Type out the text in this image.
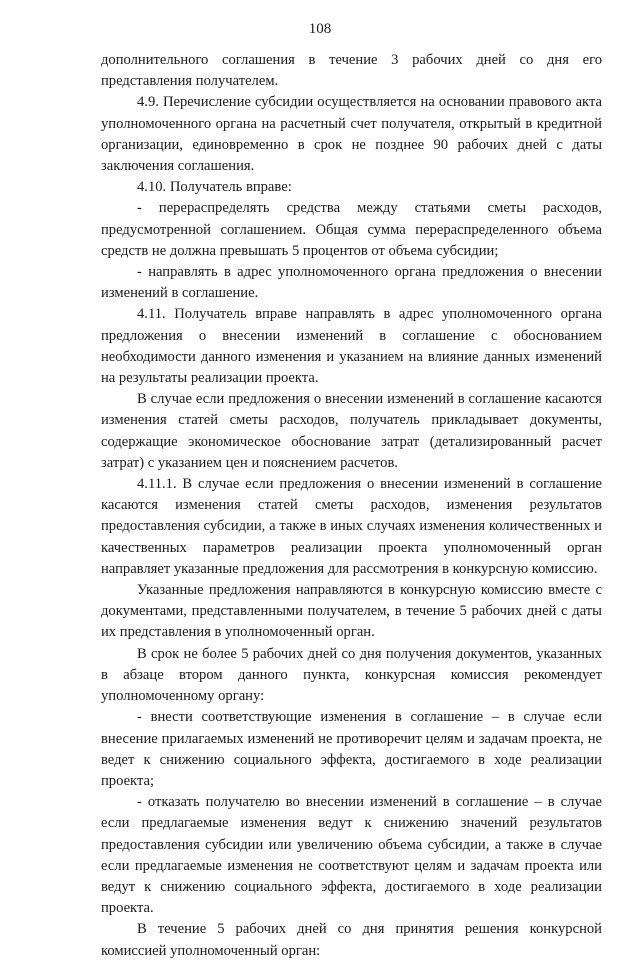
108

дополнительного соглашения в течение 3 рабочих дней со дня его представления получателем.

4.9. Перечисление субсидии осуществляется на основании правового акта уполномоченного органа на расчетный счет получателя, открытый в кредитной организации, единовременно в срок не позднее 90 рабочих дней с даты заключения соглашения.

4.10. Получатель вправе:

- перераспределять средства между статьями сметы расходов, предусмотренной соглашением. Общая сумма перераспределенного объема средств не должна превышать 5 процентов от объема субсидии;

- направлять в адрес уполномоченного органа предложения о внесении изменений в соглашение.

4.11. Получатель вправе направлять в адрес уполномоченного органа предложения о внесении изменений в соглашение с обоснованием необходимости данного изменения и указанием на влияние данных изменений на результаты реализации проекта.

В случае если предложения о внесении изменений в соглашение касаются изменения статей сметы расходов, получатель прикладывает документы, содержащие экономическое обоснование затрат (детализированный расчет затрат) с указанием цен и пояснением расчетов.

4.11.1. В случае если предложения о внесении изменений в соглашение касаются изменения статей сметы расходов, изменения результатов предоставления субсидии, а также в иных случаях изменения количественных и качественных параметров реализации проекта уполномоченный орган направляет указанные предложения для рассмотрения в конкурсную комиссию.

Указанные предложения направляются в конкурсную комиссию вместе с документами, представленными получателем, в течение 5 рабочих дней с даты их представления в уполномоченный орган.

В срок не более 5 рабочих дней со дня получения документов, указанных в абзаце втором данного пункта, конкурсная комиссия рекомендует уполномоченному органу:

- внести соответствующие изменения в соглашение – в случае если внесение прилагаемых изменений не противоречит целям и задачам проекта, не ведет к снижению социального эффекта, достигаемого в ходе реализации проекта;

- отказать получателю во внесении изменений в соглашение – в случае если предлагаемые изменения ведут к снижению значений результатов предоставления субсидии или увеличению объема субсидии, а также в случае если предлагаемые изменения не соответствуют целям и задачам проекта или ведут к снижению социального эффекта, достигаемого в ходе реализации проекта.

В течение 5 рабочих дней со дня принятия решения конкурсной комиссией уполномоченный орган:
